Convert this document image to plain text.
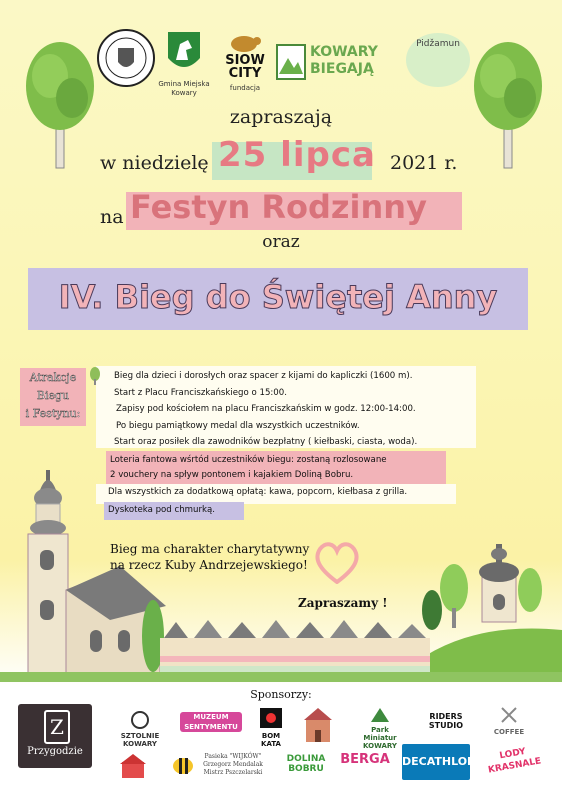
Gmina Miejska
Kowary
SIOW CITY
fundacja
KOWARY BIEGAJĄ
Pidžamun
zapraszają
w niedzielę 25 lipca 2021 r.
na Festyn Rodzinny
oraz
IV. Bieg do Świętej Anny
Atrakcje
Biegu
i Festynu:
Bieg dla dzieci i dorosłych oraz spacer z kijami do kapliczki (1600 m).
Start z Placu Franciszkańskiego o 15:00.
Zapisy pod kościołem na placu Franciszkańskim w godz. 12:00-14:00.
Po biegu pamiątkowy medal dla wszystkich uczestników.
Start oraz posiłek dla zawodników bezpłatny ( kiełbaski, ciasta, woda).
Loteria fantowa wśrtód uczestników biegu: zostaną rozlosowane
2 vouchery na spływ pontonem i kajakiem Doliną Bobru.
Dla wszystkich za dodatkową opłatą: kawa, popcorn, kiełbasa z grilla.
Dyskoteka pod chmurką.
Bieg ma charakter charytatywny
na rzecz Kuby Andrzejewskiego!
Zapraszamy !
Sponsorzy:
Z
Przygodzie
SZTOLNIE KOWARY
MUZEUM SENTYMENTU
BOM KATA
Park Miniatur
KOWARY
RIDERS STUDIO
COFFEE
Pasieka "WIJKÓW"
Grzegorz Mendalak
Mistrz Pszczelarski
DOLINA BOBRU
BERGA DECATHLON
LODY KRASNALE
